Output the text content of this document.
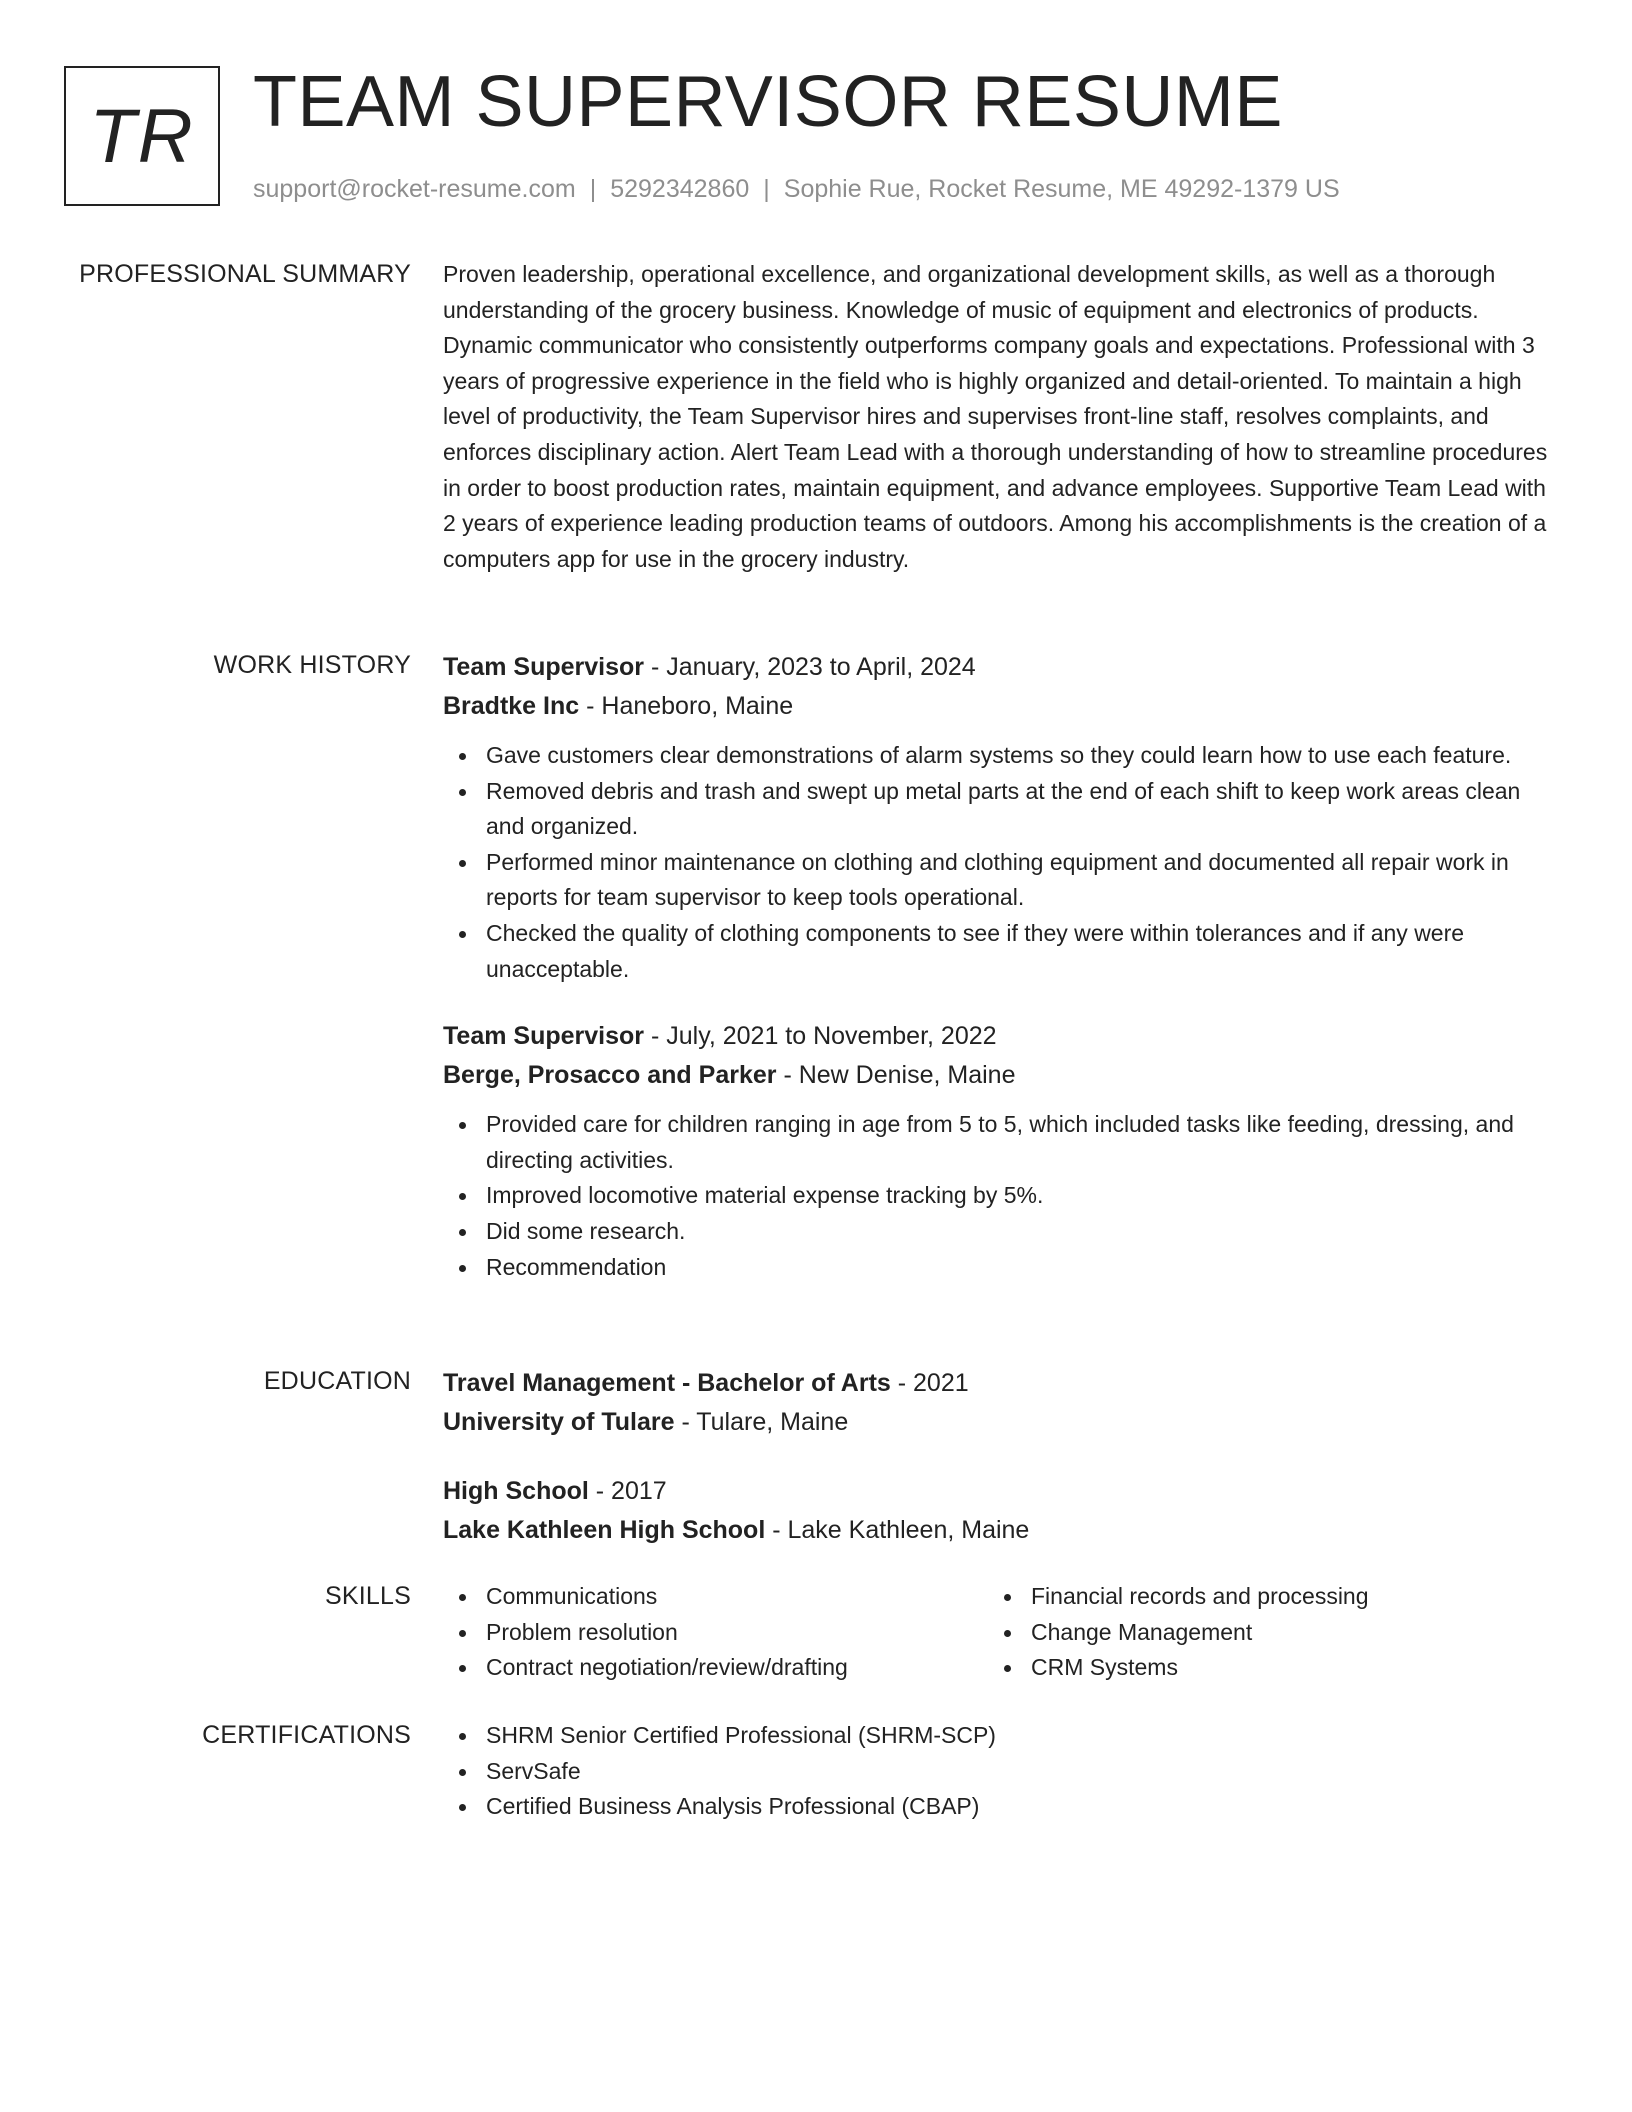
TR TEAM SUPERVISOR RESUME
support@rocket-resume.com | 5292342860 | Sophie Rue, Rocket Resume, ME 49292-1379 US
PROFESSIONAL SUMMARY Proven leadership, operational excellence, and organizational development skills, as well as a thorough understanding of the grocery business. Knowledge of music of equipment and electronics of products. Dynamic communicator who consistently outperforms company goals and expectations. Professional with 3 years of progressive experience in the field who is highly organized and detail-oriented. To maintain a high level of productivity, the Team Supervisor hires and supervises front-line staff, resolves complaints, and enforces disciplinary action. Alert Team Lead with a thorough understanding of how to streamline procedures in order to boost production rates, maintain equipment, and advance employees. Supportive Team Lead with 2 years of experience leading production teams of outdoors. Among his accomplishments is the creation of a computers app for use in the grocery industry.

WORK HISTORY Team Supervisor - January, 2023 to April, 2024
Bradtke Inc - Haneboro, Maine
Gave customers clear demonstrations of alarm systems so they could learn how to use each feature.
Removed debris and trash and swept up metal parts at the end of each shift to keep work areas clean and organized.
Performed minor maintenance on clothing and clothing equipment and documented all repair work in reports for team supervisor to keep tools operational.
Checked the quality of clothing components to see if they were within tolerances and if any were unacceptable.
Team Supervisor - July, 2021 to November, 2022
Berge, Prosacco and Parker - New Denise, Maine
Provided care for children ranging in age from 5 to 5, which included tasks like feeding, dressing, and directing activities.
Improved locomotive material expense tracking by 5%.
Did some research.
Recommendation
EDUCATION Travel Management - Bachelor of Arts - 2021
University of Tulare - Tulare, Maine
High School - 2017
Lake Kathleen High School - Lake Kathleen, Maine
SKILLS	Communications
Problem resolution
Contract negotiation/review/drafting
Financial records and processing
Change Management
CRM Systems
CERTIFICATIONS	SHRM Senior Certified Professional (SHRM-SCP)
ServSafe
Certified Business Analysis Professional (CBAP)
